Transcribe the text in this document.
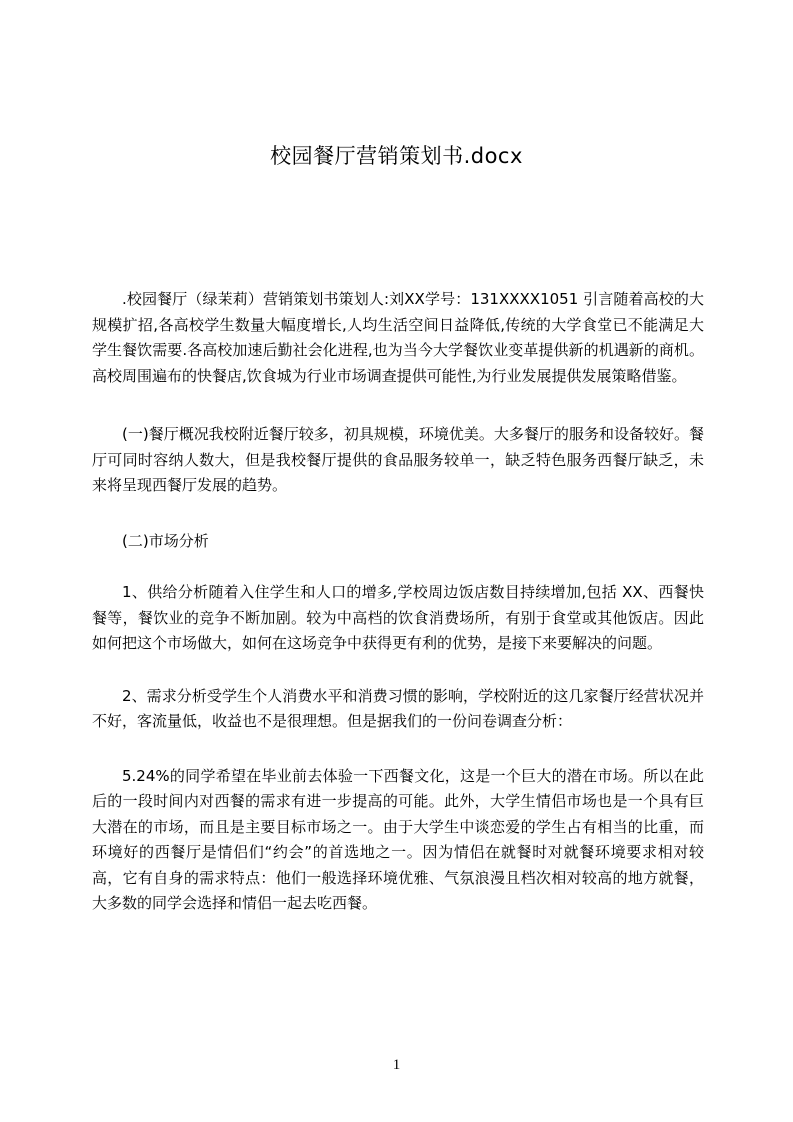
校园餐厅营销策划书.docx

.校园餐厅（绿茉莉）营销策划书策划人:刘XX学号：131XXXX1051 引言随着高校的大规模扩招,各高校学生数量大幅度增长,人均生活空间日益降低,传统的大学食堂已不能满足大学生餐饮需要.各高校加速后勤社会化进程,也为当今大学餐饮业变革提供新的机遇新的商机。高校周围遍布的快餐店,饮食城为行业市场调查提供可能性,为行业发展提供发展策略借鉴。

(一)餐厅概况我校附近餐厅较多，初具规模，环境优美。大多餐厅的服务和设备较好。餐厅可同时容纳人数大，但是我校餐厅提供的食品服务较单一，缺乏特色服务西餐厅缺乏，未来将呈现西餐厅发展的趋势。

(二)市场分析

1、供给分析随着入住学生和人口的增多,学校周边饭店数目持续增加,包括 XX、西餐快餐等，餐饮业的竞争不断加剧。较为中高档的饮食消费场所，有别于食堂或其他饭店。因此如何把这个市场做大，如何在这场竞争中获得更有利的优势，是接下来要解决的问题。

2、需求分析受学生个人消费水平和消费习惯的影响，学校附近的这几家餐厅经营状况并不好，客流量低，收益也不是很理想。但是据我们的一份问卷调查分析：

5.24%的同学希望在毕业前去体验一下西餐文化，这是一个巨大的潜在市场。所以在此后的一段时间内对西餐的需求有进一步提高的可能。此外，大学生情侣市场也是一个具有巨大潜在的市场，而且是主要目标市场之一。由于大学生中谈恋爱的学生占有相当的比重，而环境好的西餐厅是情侣们“约会”的首选地之一。因为情侣在就餐时对就餐环境要求相对较高，它有自身的需求特点：他们一般选择环境优雅、气氛浪漫且档次相对较高的地方就餐，大多数的同学会选择和情侣一起去吃西餐。

1
